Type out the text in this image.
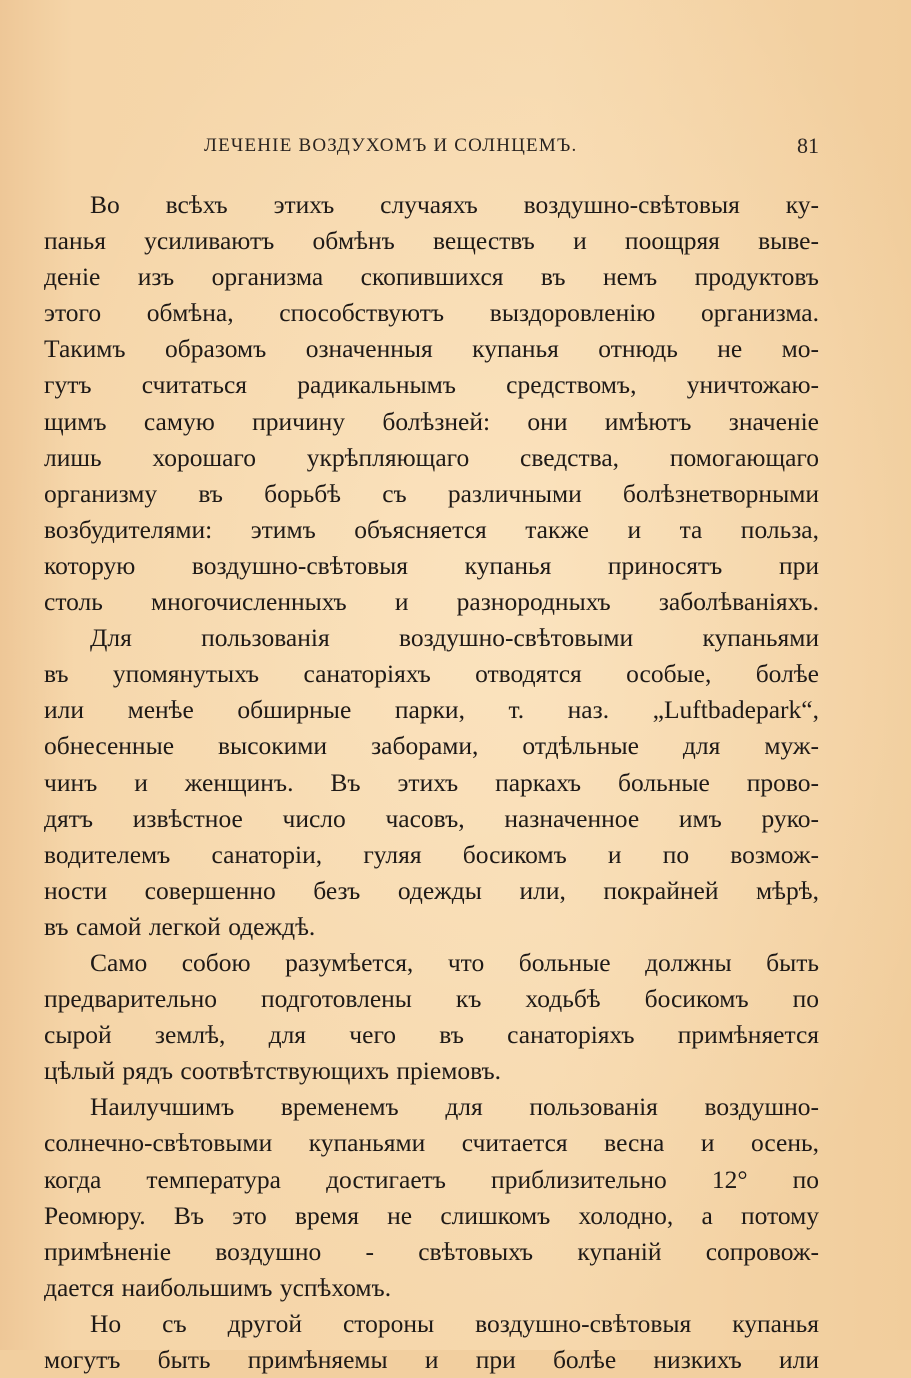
ЛЕЧЕНІЕ ВОЗДУХОМЪ И СОЛНЦЕМЪ.	81
Во всѣхъ этихъ случаяхъ воздушно-свѣтовыя ку-
панья усиливаютъ обмѣнъ веществъ и поощряя выве-
деніе изъ организма скопившихся въ немъ продуктовъ
этого обмѣна, способствуютъ выздоровленію организма.
Такимъ образомъ означенныя купанья отнюдь не мо-
гутъ считаться радикальнымъ средствомъ, уничтожаю-
щимъ самую причину болѣзней: они имѣютъ значеніе
лишь хорошаго укрѣпляющаго сведства, помогающаго
организму въ борьбѣ съ различными болѣзнетворными
возбудителями: этимъ объясняется также и та польза,
которую воздушно-свѣтовыя купанья приносятъ при
столь многочисленныхъ и разнородныхъ заболѣваніяхъ.
Для пользованія воздушно-свѣтовыми купаньями
въ упомянутыхъ санаторіяхъ отводятся особые, болѣе
или менѣе обширные парки, т. наз. „Luftbadepark“,
обнесенные высокими заборами, отдѣльные для муж-
чинъ и женщинъ. Въ этихъ паркахъ больные прово-
дятъ извѣстное число часовъ, назначенное имъ руко-
водителемъ санаторіи, гуляя босикомъ и по возмож-
ности совершенно безъ одежды или, покрайней мѣрѣ,
въ самой легкой одеждѣ.
Само собою разумѣется, что больные должны быть
предварительно подготовлены къ ходьбѣ босикомъ по
сырой землѣ, для чего въ санаторіяхъ примѣняется
цѣлый рядъ соотвѣтствующихъ пріемовъ.
Наилучшимъ временемъ для пользованія воздушно-
солнечно-свѣтовыми купаньями считается весна и осень,
когда температура достигаетъ приблизительно 12° по
Реомюру. Въ это время не слишкомъ холодно, а потому
примѣненіе воздушно - свѣтовыхъ купаній сопровож-
дается наибольшимъ успѣхомъ.
Но съ другой стороны воздушно-свѣтовыя купанья
могутъ быть примѣняемы и при болѣе низкихъ или
